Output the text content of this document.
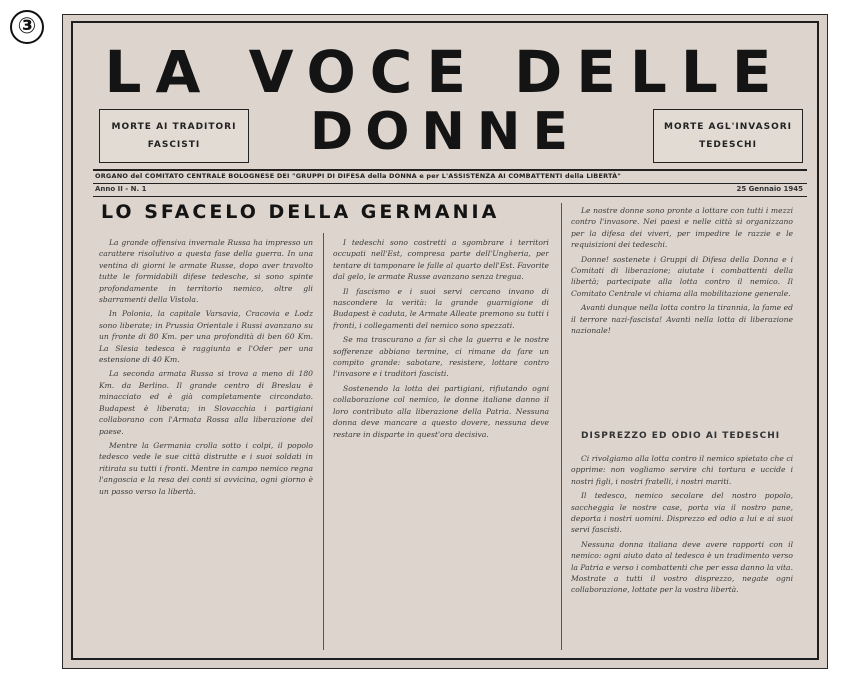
③
LA VOCE DELLE
DONNE
MORTE AI TRADITORI
FASCISTI
MORTE AGL'INVASORI
TEDESCHI
ORGANO del COMITATO CENTRALE BOLOGNESE DEI "GRUPPI DI DIFESA della DONNA e per L'ASSISTENZA AI COMBATTENTI della LIBERTÀ"
Anno II - N. 1	25 Gennaio 1945
LO SFACELO DELLA GERMANIA

La grande offensiva invernale Russa ha impresso un carattere risolutivo a questa fase della guerra. In una ventina di giorni le armate Russe, dopo aver travolto tutte le formidabili difese tedesche, si sono spinte profondamente in territorio nemico, oltre gli sbarramenti della Vistola.

In Polonia, la capitale Varsavia, Cracovia e Lodz sono liberate; in Prussia Orientale i Russi avanzano su un fronte di 80 Km. per una profondità di ben 60 Km. La Slesia tedesca è raggiunta e l'Oder per una estensione di 40 Km.

La seconda armata Russa si trova a meno di 180 Km. da Berlino. Il grande centro di Breslau è minacciato ed è già completamente circondato. Budapest è liberata; in Slovacchia i partigiani collaborano con l'Armata Rossa alla liberazione del paese.

Mentre la Germania crolla sotto i colpi, il popolo tedesco vede le sue città distrutte e i suoi soldati in ritirata su tutti i fronti. Mentre in campo nemico regna l'angoscia e la resa dei conti si avvicina, ogni giorno è un passo verso la libertà.

I tedeschi sono costretti a sgombrare i territori occupati nell'Est, compresa parte dell'Ungheria, per tentare di tamponare le falle al quarto dell'Est. Favorite dal gelo, le armate Russe avanzano senza tregua.

Il fascismo e i suoi servi cercano invano di nascondere la verità: la grande guarnigione di Budapest è caduta, le Armate Alleate premono su tutti i fronti, i collegamenti del nemico sono spezzati.

Se ma trascurano a far sì che la guerra e le nostre sofferenze abbiano termine, ci rimane da fare un compito grande: sabotare, resistere, lottare contro l'invasore e i traditori fascisti.

Sostenendo la lotta dei partigiani, rifiutando ogni collaborazione col nemico, le donne italiane danno il loro contributo alla liberazione della Patria. Nessuna donna deve mancare a questo dovere, nessuna deve restare in disparte in quest'ora decisiva.

Le nostre donne sono pronte a lottare con tutti i mezzi contro l'invasore. Nei paesi e nelle città si organizzano per la difesa dei viveri, per impedire le razzie e le requisizioni dei tedeschi.

Donne! sostenete i Gruppi di Difesa della Donna e i Comitati di liberazione; aiutate i combattenti della libertà; partecipate alla lotta contro il nemico. Il Comitato Centrale vi chiama alla mobilitazione generale.

Avanti dunque nella lotta contro la tirannia, la fame ed il terrore nazi-fascista! Avanti nella lotta di liberazione nazionale!

DISPREZZO ED ODIO AI TEDESCHI

Ci rivolgiamo alla lotta contro il nemico spietato che ci opprime: non vogliamo servire chi tortura e uccide i nostri figli, i nostri fratelli, i nostri mariti.

Il tedesco, nemico secolare del nostro popolo, saccheggia le nostre case, porta via il nostro pane, deporta i nostri uomini. Disprezzo ed odio a lui e ai suoi servi fascisti.

Nessuna donna italiana deve avere rapporti con il nemico: ogni aiuto dato al tedesco è un tradimento verso la Patria e verso i combattenti che per essa danno la vita. Mostrate a tutti il vostro disprezzo, negate ogni collaborazione, lottate per la vostra libertà.
